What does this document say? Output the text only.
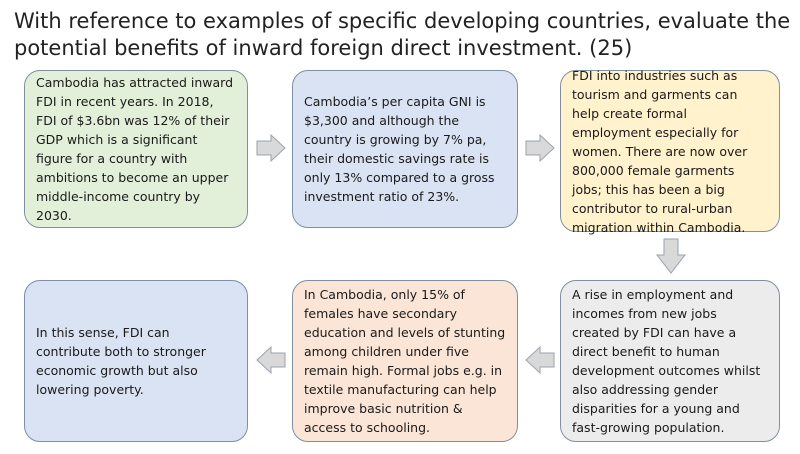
With reference to examples of specific developing countries, evaluate the potential benefits of inward foreign direct investment. (25)
Cambodia has attracted inward FDI in recent years. In 2018, FDI of $3.6bn was 12% of their GDP which is a significant figure for a country with ambitions to become an upper middle-income country by 2030.
Cambodia’s per capita GNI is $3,300 and although the country is growing by 7% pa, their domestic savings rate is only 13% compared to a gross investment ratio of 23%.
FDI into industries such as tourism and garments can help create formal employment especially for women. There are now over 800,000 female garments jobs; this has been a big contributor to rural-urban migration within Cambodia.
A rise in employment and incomes from new jobs created by FDI can have a direct benefit to human development outcomes whilst also addressing gender disparities for a young and fast-growing population.
In Cambodia, only 15% of females have secondary education and levels of stunting among children under five remain high. Formal jobs e.g. in textile manufacturing can help improve basic nutrition & access to schooling.
In this sense, FDI can contribute both to stronger economic growth but also lowering poverty.
